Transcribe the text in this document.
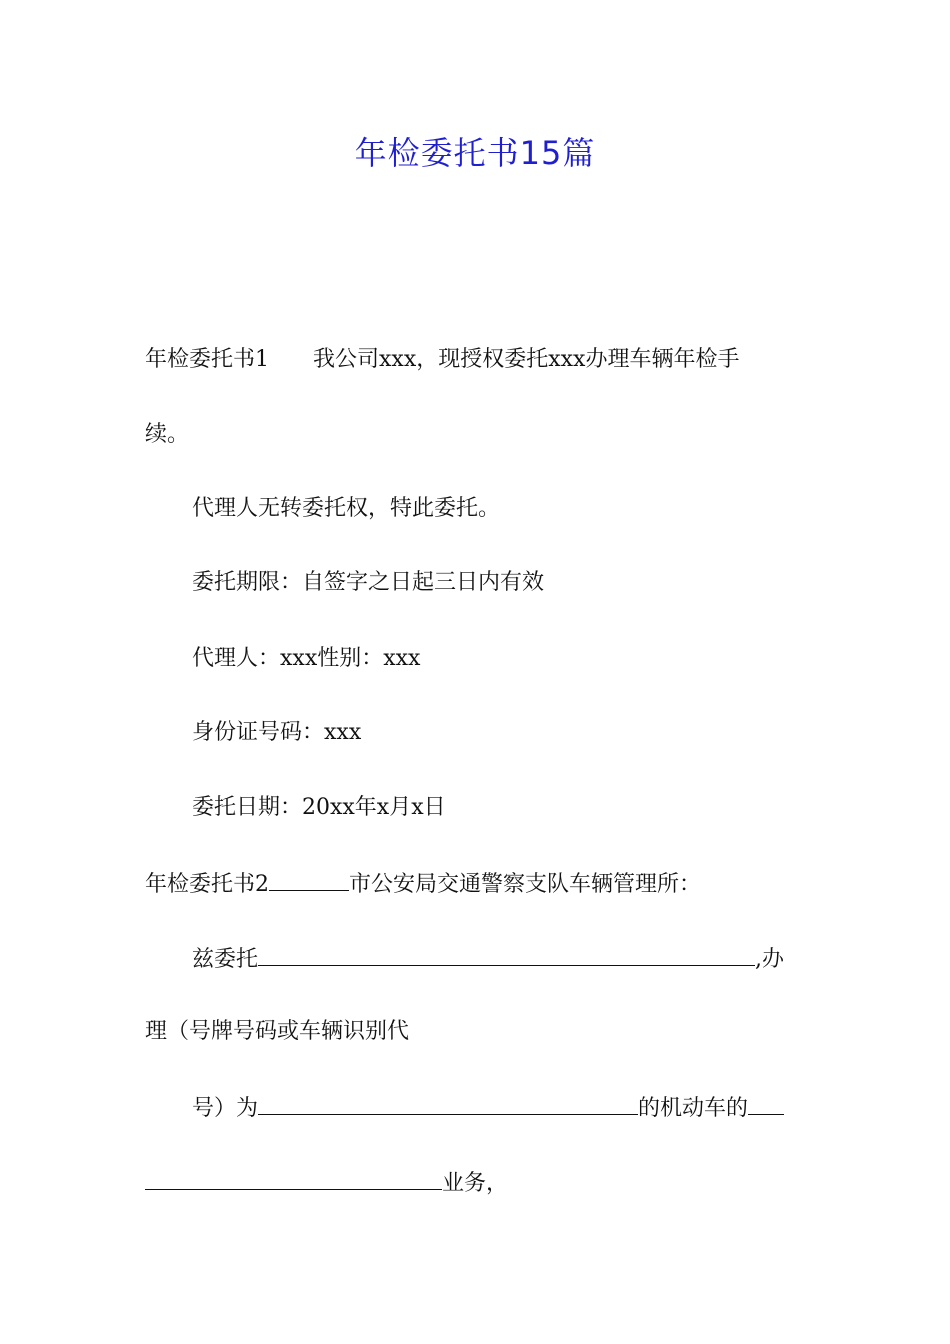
年检委托书15篇
年检委托书1 我公司xxx，现授权委托xxx办理车辆年检手
续。
代理人无转委托权，特此委托。
委托期限：自签字之日起三日内有效
代理人：xxx性别：xxx
身份证号码：xxx
委托日期：20xx年x月x日
年检委托书2	市公安局交通警察支队车辆管理所：
兹委托	,办
理（号牌号码或车辆识别代
号）为	的机动车的
业务，
